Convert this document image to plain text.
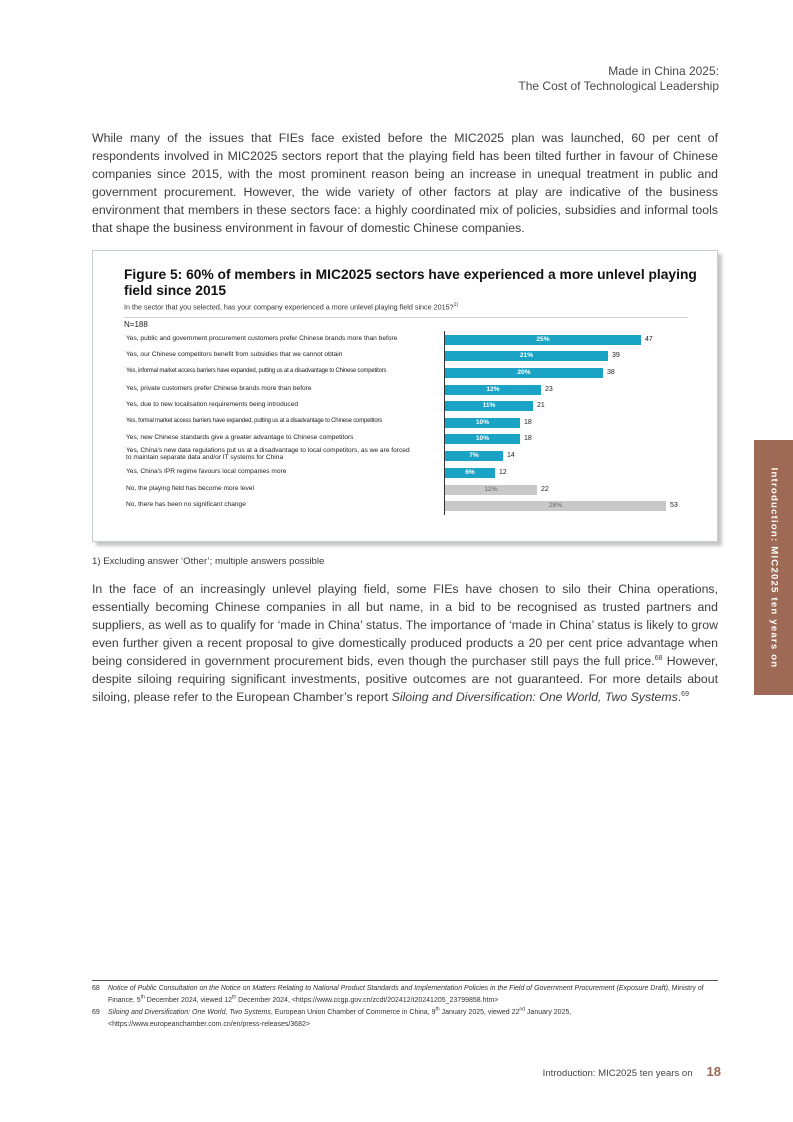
Made in China 2025:
The Cost of Technological Leadership

While many of the issues that FIEs face existed before the MIC2025 plan was launched, 60 per cent of respondents involved in MIC2025 sectors report that the playing field has been tilted further in favour of Chinese companies since 2015, with the most prominent reason being an increase in unequal treatment in public and government procurement. However, the wide variety of other factors at play are indicative of the business environment that members in these sectors face: a highly coordinated mix of policies, subsidies and informal tools that shape the business environment in favour of domestic Chinese companies.

Figure 5: 60% of members in MIC2025 sectors have experienced a more unlevel playing field since 2015

In the sector that you selected, has your company experienced a more unlevel playing field since 2015?$^{1)}$
N=188
Yes, public and government procurement customers prefer Chinese brands more than before	25%	47
Yes, our Chinese competitors benefit from subsidies that we cannot obtain	21%	39
Yes, informal market access barriers have expanded, putting us at a disadvantage to Chinese competitors	20%	38
Yes, private customers prefer Chinese brands more than before	12%	23
Yes, due to new localisation requirements being introduced	11%	21
Yes, formal market access barriers have expanded, putting us at a disadvantage to Chinese competitors	10%	18
Yes, new Chinese standards give a greater advantage to Chinese competitors	10%	18
Yes, China's new data regulations put us at a disadvantage to local competitors, as we are forced to maintain separate data and/or IT systems for China	7%	14
Yes, China's IPR regime favours local companies more	6%	12
No, the playing field has become more level	12%	22
No, there has been no significant change	28%	53
1) Excluding answer ‘Other’; multiple answers possible

In the face of an increasingly unlevel playing field, some FIEs have chosen to silo their China operations, essentially becoming Chinese companies in all but name, in a bid to be recognised as trusted partners and suppliers, as well as to qualify for ‘made in China’ status. The importance of ‘made in China’ status is likely to grow even further given a recent proposal to give domestically produced products a 20 per cent price advantage when being considered in government procurement bids, even though the purchaser still pays the full price.$^{68}$ However, despite siloing requiring significant investments, positive outcomes are not guaranteed. For more details about siloing, please refer to the European Chamber’s report Siloing and Diversification: One World, Two Systems.$^{69}$

Introduction: MIC2025 ten years on
68 Notice of Public Consultation on the Notice on Matters Relating to National Product Standards and Implementation Policies in the Field of Government Procurement (Exposure Draft), Ministry of Finance, 5th December 2024, viewed 12th December 2024, <https://www.ccgp.gov.cn/zcdt/202412/t20241205_23799858.htm>
69 Siloing and Diversification: One World, Two Systems, European Union Chamber of Commerce in China, 9th January 2025, viewed 22nd January 2025, <https://www.europeanchamber.com.cn/en/press-releases/3682>
Introduction: MIC2025 ten years on 18
